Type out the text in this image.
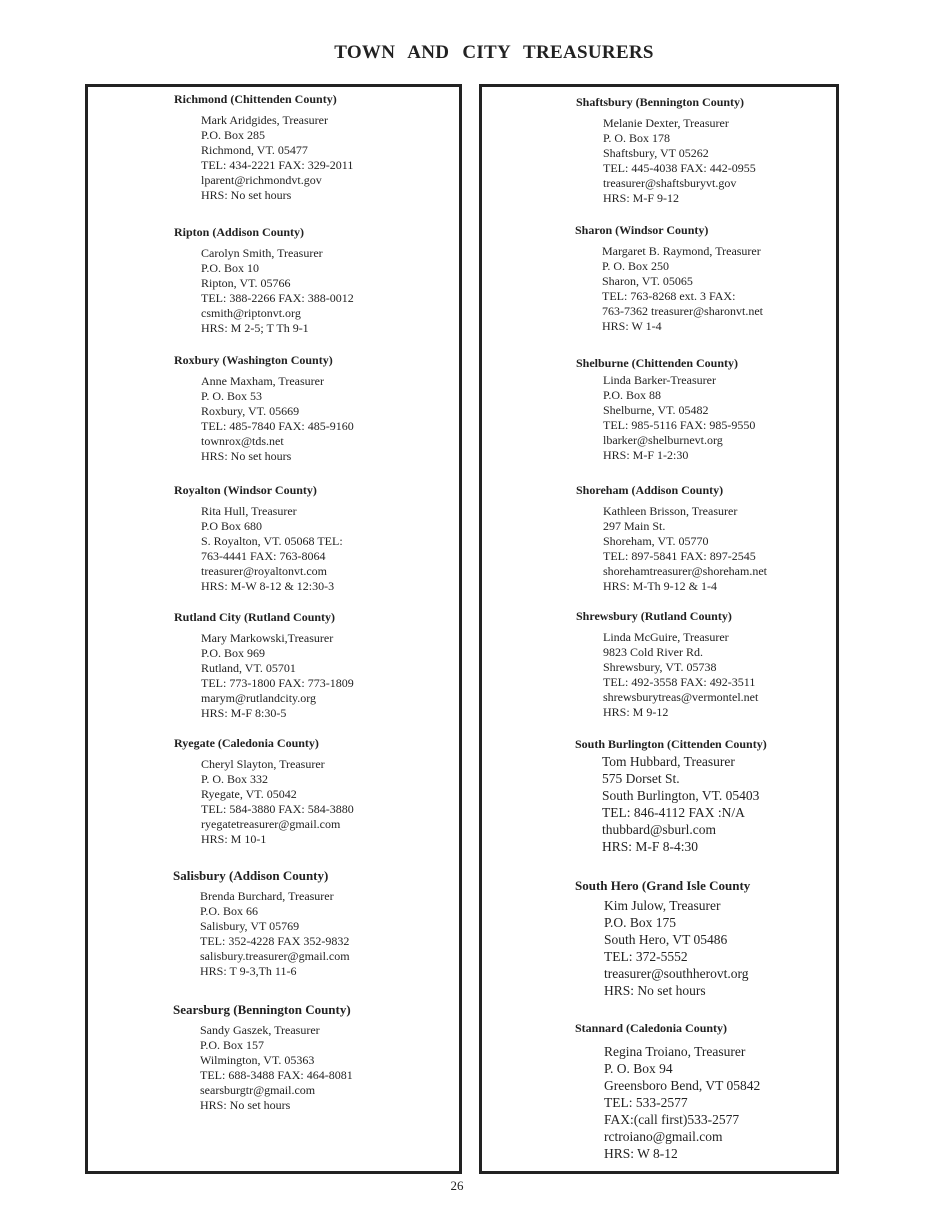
TOWN AND CITY TREASURERS
Richmond (Chittenden County)
Mark Aridgides, Treasurer
P.O. Box 285
Richmond, VT. 05477
TEL: 434-2221 FAX: 329-2011
lparent@richmondvt.gov
HRS: No set hours
Ripton (Addison County)
Carolyn Smith, Treasurer
P.O. Box 10
Ripton, VT. 05766
TEL: 388-2266 FAX: 388-0012
csmith@riptonvt.org
HRS: M 2-5; T Th 9-1
Roxbury (Washington County)
Anne Maxham, Treasurer
P. O. Box 53
Roxbury, VT. 05669
TEL: 485-7840 FAX: 485-9160
townrox@tds.net
HRS: No set hours
Royalton (Windsor County)
Rita Hull, Treasurer
P.O Box 680
S. Royalton, VT. 05068 TEL:
763-4441 FAX: 763-8064
treasurer@royaltonvt.com
HRS: M-W 8-12 & 12:30-3
Rutland City (Rutland County)
Mary Markowski,Treasurer
P.O. Box 969
Rutland, VT. 05701
TEL: 773-1800 FAX: 773-1809
marym@rutlandcity.org
HRS: M-F 8:30-5
Ryegate (Caledonia County)
Cheryl Slayton, Treasurer
P. O. Box 332
Ryegate, VT. 05042
TEL: 584-3880 FAX: 584-3880
ryegatetreasurer@gmail.com
HRS: M 10-1
Salisbury (Addison County)
Brenda Burchard, Treasurer
P.O. Box 66
Salisbury, VT 05769
TEL: 352-4228 FAX 352-9832
salisbury.treasurer@gmail.com
HRS: T 9-3,Th 11-6
Searsburg (Bennington County)
Sandy Gaszek, Treasurer
P.O. Box 157
Wilmington, VT. 05363
TEL: 688-3488 FAX: 464-8081
searsburgtr@gmail.com
HRS: No set hours
Shaftsbury (Bennington County)
Melanie Dexter, Treasurer
P. O. Box 178
Shaftsbury, VT 05262
TEL: 445-4038 FAX: 442-0955
treasurer@shaftsburyvt.gov
HRS: M-F 9-12
Sharon (Windsor County)
Margaret B. Raymond, Treasurer
P. O. Box 250
Sharon, VT. 05065
TEL: 763-8268 ext. 3 FAX:
763-7362 treasurer@sharonvt.net
HRS: W 1-4
Shelburne (Chittenden County)
Linda Barker-Treasurer
P.O. Box 88
Shelburne, VT. 05482
TEL: 985-5116 FAX: 985-9550
lbarker@shelburnevt.org
HRS: M-F 1-2:30
Shoreham (Addison County)
Kathleen Brisson, Treasurer
297 Main St.
Shoreham, VT. 05770
TEL: 897-5841 FAX: 897-2545
shorehamtreasurer@shoreham.net
HRS: M-Th 9-12 & 1-4
Shrewsbury (Rutland County)
Linda McGuire, Treasurer
9823 Cold River Rd.
Shrewsbury, VT. 05738
TEL: 492-3558 FAX: 492-3511
shrewsburytreas@vermontel.net
HRS: M 9-12
South Burlington (Cittenden County)
Tom Hubbard, Treasurer
575 Dorset St.
South Burlington, VT. 05403
TEL: 846-4112 FAX :N/A
thubbard@sburl.com
HRS: M-F 8-4:30
South Hero (Grand Isle County
Kim Julow, Treasurer
P.O. Box 175
South Hero, VT 05486
TEL: 372-5552
treasurer@southherovt.org
HRS: No set hours
Stannard (Caledonia County)
Regina Troiano, Treasurer
P. O. Box 94
Greensboro Bend, VT 05842
TEL: 533-2577
FAX:(call first)533-2577
rctroiano@gmail.com
HRS: W 8-12
26
